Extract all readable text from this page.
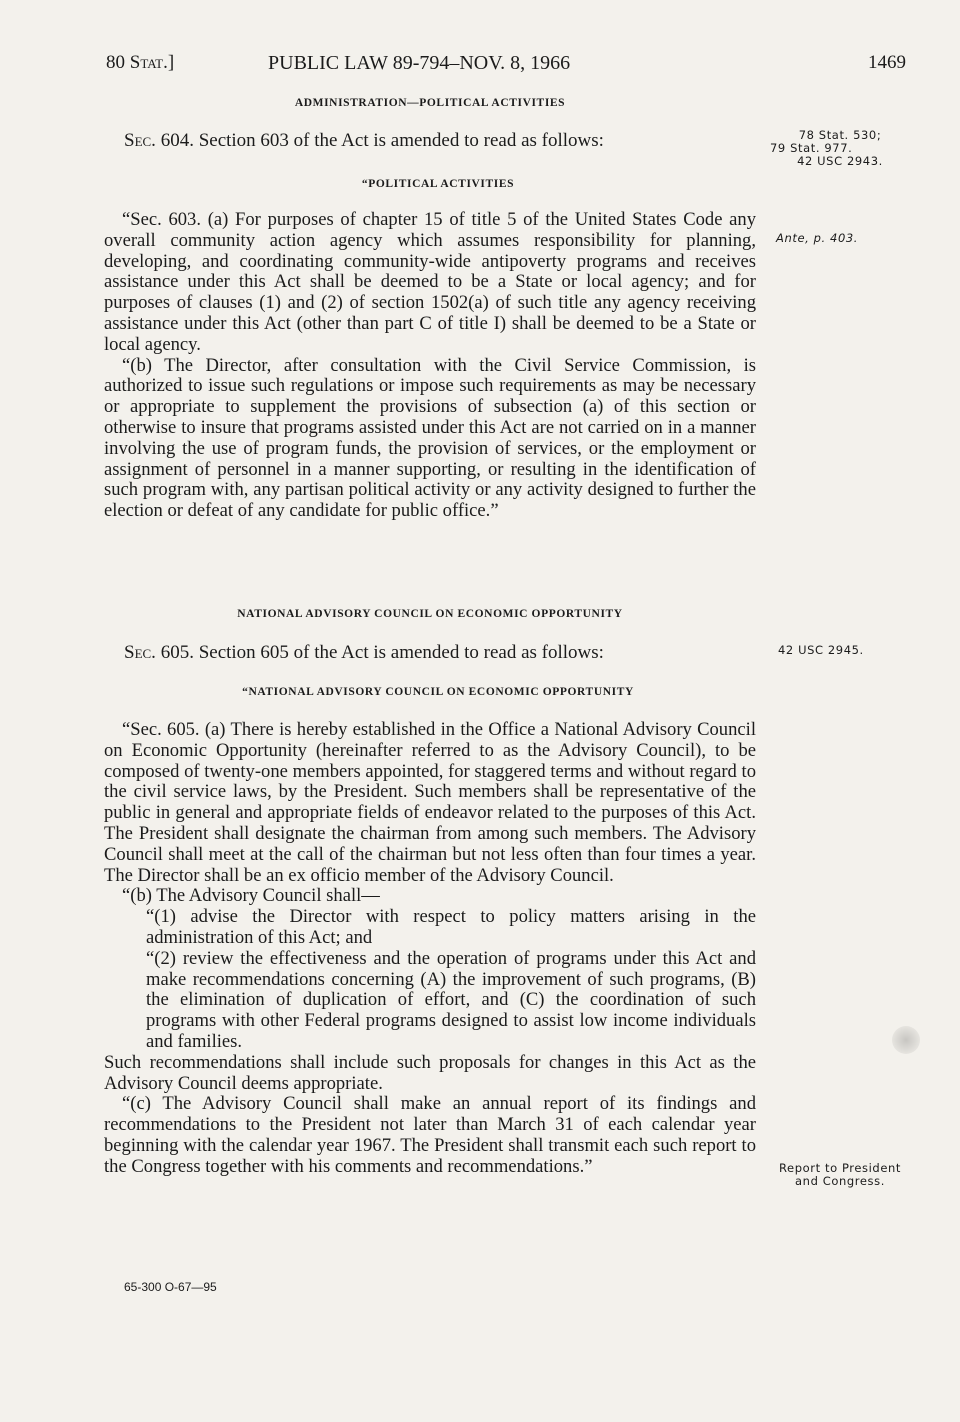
80 Stat.]	PUBLIC LAW 89-794–NOV. 8, 1966	1469
ADMINISTRATION—POLITICAL ACTIVITIES
Sec. 604. Section 603 of the Act is amended to read as follows:
“POLITICAL ACTIVITIES

“Sec. 603. (a) For purposes of chapter 15 of title 5 of the United States Code any overall community action agency which assumes responsibility for planning, developing, and coordinating community-wide antipoverty programs and receives assistance under this Act shall be deemed to be a State or local agency; and for purposes of clauses (1) and (2) of section 1502(a) of such title any agency receiving assistance under this Act (other than part C of title I) shall be deemed to be a State or local agency.

“(b) The Director, after consultation with the Civil Service Commission, is authorized to issue such regulations or impose such requirements as may be necessary or appropriate to supplement the provisions of subsection (a) of this section or otherwise to insure that programs assisted under this Act are not carried on in a manner involving the use of program funds, the provision of services, or the employment or assignment of personnel in a manner supporting, or resulting in the identification of such program with, any partisan political activity or any activity designed to further the election or defeat of any candidate for public office.”

NATIONAL ADVISORY COUNCIL ON ECONOMIC OPPORTUNITY
Sec. 605. Section 605 of the Act is amended to read as follows:
“NATIONAL ADVISORY COUNCIL ON ECONOMIC OPPORTUNITY

“Sec. 605. (a) There is hereby established in the Office a National Advisory Council on Economic Opportunity (hereinafter referred to as the Advisory Council), to be composed of twenty-one members appointed, for staggered terms and without regard to the civil service laws, by the President. Such members shall be representative of the public in general and appropriate fields of endeavor related to the purposes of this Act. The President shall designate the chairman from among such members. The Advisory Council shall meet at the call of the chairman but not less often than four times a year. The Director shall be an ex officio member of the Advisory Council.

“(b) The Advisory Council shall—

“(1) advise the Director with respect to policy matters arising in the administration of this Act; and

“(2) review the effectiveness and the operation of programs under this Act and make recommendations concerning (A) the improvement of such programs, (B) the elimination of duplication of effort, and (C) the coordination of such programs with other Federal programs designed to assist low income individuals and families.

Such recommendations shall include such proposals for changes in this Act as the Advisory Council deems appropriate.

“(c) The Advisory Council shall make an annual report of its findings and recommendations to the President not later than March 31 of each calendar year beginning with the calendar year 1967. The President shall transmit each such report to the Congress together with his comments and recommendations.”

78 Stat. 530;
79 Stat. 977.
42 USC 2943.
Ante, p. 403.
42 USC 2945.
Report to President and Congress.
65-300 O-67—95
